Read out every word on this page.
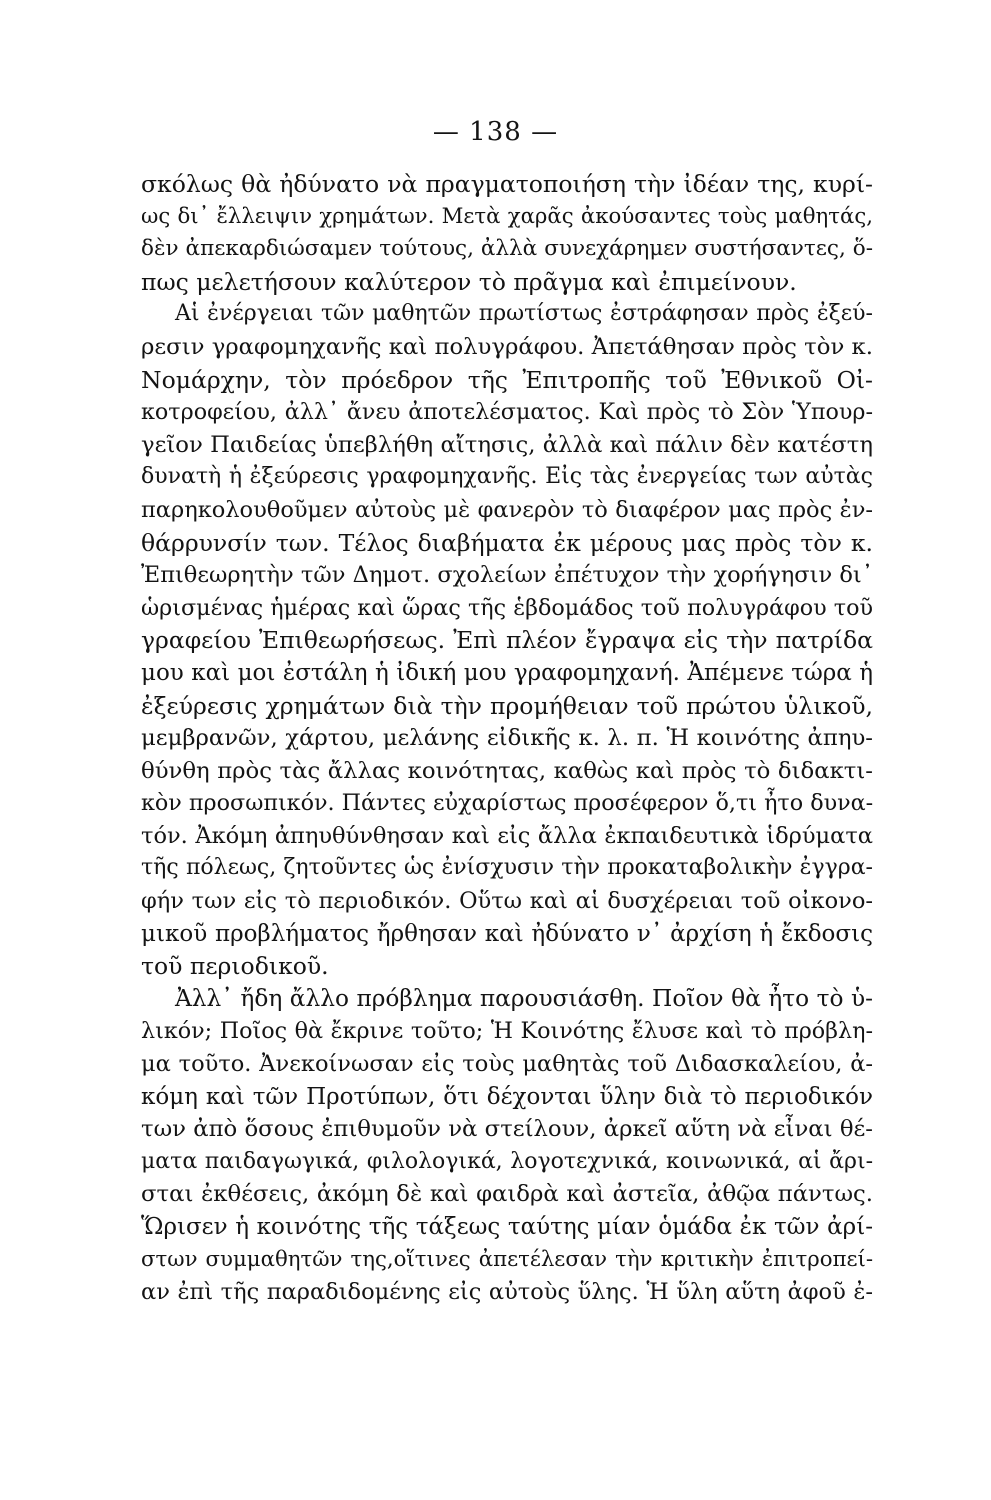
— 138 —
σκόλως θὰ ἠδύνατο νὰ πραγματοποιήση τὴν ἰδέαν της, κυρί-
ως δι᾿ ἔλλειψιν χρημάτων. Μετὰ χαρᾶς ἀκούσαντες τοὺς μαθητάς,
δὲν ἀπεκαρδιώσαμεν τούτους, ἀλλὰ συνεχάρημεν συστήσαντες, ὅ-
πως μελετήσουν καλύτερον τὸ πρᾶγμα καὶ ἐπιμείνουν.
Αἱ ἐνέργειαι τῶν μαθητῶν πρωτίστως ἐστράφησαν πρὸς ἐξεύ-
ρεσιν γραφομηχανῆς καὶ πολυγράφου. Ἀπετάθησαν πρὸς τὸν κ.
Νομάρχην, τὸν πρόεδρον τῆς Ἐπιτροπῆς τοῦ Ἐθνικοῦ Οἰ-
κοτροφείου, ἀλλ᾿ ἄνευ ἀποτελέσματος. Καὶ πρὸς τὸ Σὸν Ὑπουρ-
γεῖον Παιδείας ὑπεβλήθη αἴτησις, ἀλλὰ καὶ πάλιν δὲν κατέστη
δυνατὴ ἡ ἐξεύρεσις γραφομηχανῆς. Εἰς τὰς ἐνεργείας των αὐτὰς
παρηκολουθοῦμεν αὐτοὺς μὲ φανερὸν τὸ διαφέρον μας πρὸς ἐν-
θάρρυνσίν των. Τέλος διαβήματα ἐκ μέρους μας πρὸς τὸν κ.
Ἐπιθεωρητὴν τῶν Δημοτ. σχολείων ἐπέτυχον τὴν χορήγησιν δι᾿
ὡρισμένας ἡμέρας καὶ ὥρας τῆς ἑβδομάδος τοῦ πολυγράφου τοῦ
γραφείου Ἐπιθεωρήσεως. Ἐπὶ πλέον ἔγραψα εἰς τὴν πατρίδα
μου καὶ μοι ἐστάλη ἡ ἰδική μου γραφομηχανή. Ἀπέμενε τώρα ἡ
ἐξεύρεσις χρημάτων διὰ τὴν προμήθειαν τοῦ πρώτου ὑλικοῦ,
μεμβρανῶν, χάρτου, μελάνης εἰδικῆς κ. λ. π. Ἡ κοινότης ἀπηυ-
θύνθη πρὸς τὰς ἄλλας κοινότητας, καθὼς καὶ πρὸς τὸ διδακτι-
κὸν προσωπικόν. Πάντες εὐχαρίστως προσέφερον ὅ,τι ἦτο δυνα-
τόν. Ἀκόμη ἀπηυθύνθησαν καὶ εἰς ἄλλα ἐκπαιδευτικὰ ἱδρύματα
τῆς πόλεως, ζητοῦντες ὡς ἐνίσχυσιν τὴν προκαταβολικὴν ἐγγρα-
φήν των εἰς τὸ περιοδικόν. Οὕτω καὶ αἱ δυσχέρειαι τοῦ οἰκονο-
μικοῦ προβλήματος ἤρθησαν καὶ ἠδύνατο ν᾿ ἀρχίση ἡ ἔκδοσις
τοῦ περιοδικοῦ.
Ἀλλ᾿ ἤδη ἄλλο πρόβλημα παρουσιάσθη. Ποῖον θὰ ἦτο τὸ ὑ-
λικόν; Ποῖος θὰ ἔκρινε τοῦτο; Ἡ Κοινότης ἔλυσε καὶ τὸ πρόβλη-
μα τοῦτο. Ἀνεκοίνωσαν εἰς τοὺς μαθητὰς τοῦ Διδασκαλείου, ἀ-
κόμη καὶ τῶν Προτύπων, ὅτι δέχονται ὕλην διὰ τὸ περιοδικόν
των ἀπὸ ὅσους ἐπιθυμοῦν νὰ στείλουν, ἀρκεῖ αὕτη νὰ εἶναι θέ-
ματα παιδαγωγικά, φιλολογικά, λογοτεχνικά, κοινωνικά, αἱ ἄρι-
σται ἐκθέσεις, ἀκόμη δὲ καὶ φαιδρὰ καὶ ἀστεῖα, ἀθῷα πάντως.
Ὥρισεν ἡ κοινότης τῆς τάξεως ταύτης μίαν ὁμάδα ἐκ τῶν ἀρί-
στων συμμαθητῶν της,οἵτινες ἀπετέλεσαν τὴν κριτικὴν ἐπιτροπεί-
αν ἐπὶ τῆς παραδιδομένης εἰς αὐτοὺς ὕλης. Ἡ ὕλη αὕτη ἀφοῦ ἐ-
